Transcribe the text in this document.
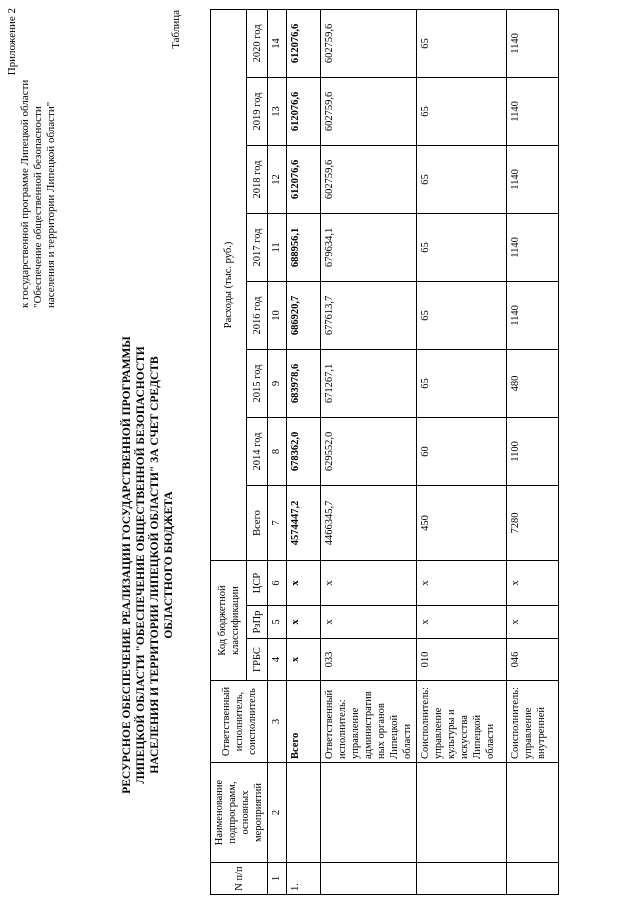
Приложение 2
к государственной программе Липецкой области "Обеспечение общественной безопасности населения и территории Липецкой области"
РЕСУРСНОЕ ОБЕСПЕЧЕНИЕ РЕАЛИЗАЦИИ ГОСУДАРСТВЕННОЙ ПРОГРАММЫ ЛИПЕЦКОЙ ОБЛАСТИ "ОБЕСПЕЧЕНИЕ ОБЩЕСТВЕННОЙ БЕЗОПАСНОСТИ НАСЕЛЕНИЯ И ТЕРРИТОРИИ ЛИПЕЦКОЙ ОБЛАСТИ" ЗА СЧЕТ СРЕДСТВ ОБЛАСТНОГО БЮДЖЕТА
Таблица
N п/п	Наименование подпрограмм, основных мероприятий	Ответственный исполнитель, соисполнитель	Код бюджетной классификации			Расходы (тыс. руб.)							
			ГРБС	РзПр	ЦСР	Всего	2014 год	2015 год	2016 год	2017 год	2018 год	2019 год	2020 год
1	2	3	4	5	6	7	8	9	10	11	12	13	14
1.		Всего	х	х	х	4574447,2	678362,0	683978,6	686920,7	688956,1	612076,6	612076,6	612076,6
		Ответственный исполнитель: управление административ ных органов Липецкой области	033	х	х	4466345,7	629552,0	671267,1	677613,7	679634,1	602759,6	602759,6	602759,6
		Соисполнитель: управление культуры и искусства Липецкой области	010	х	х	450	60	65	65	65	65	65	65
		Соисполнитель: управление внутренней	046	х	х	7280	1100	480	1140	1140	1140	1140	1140
